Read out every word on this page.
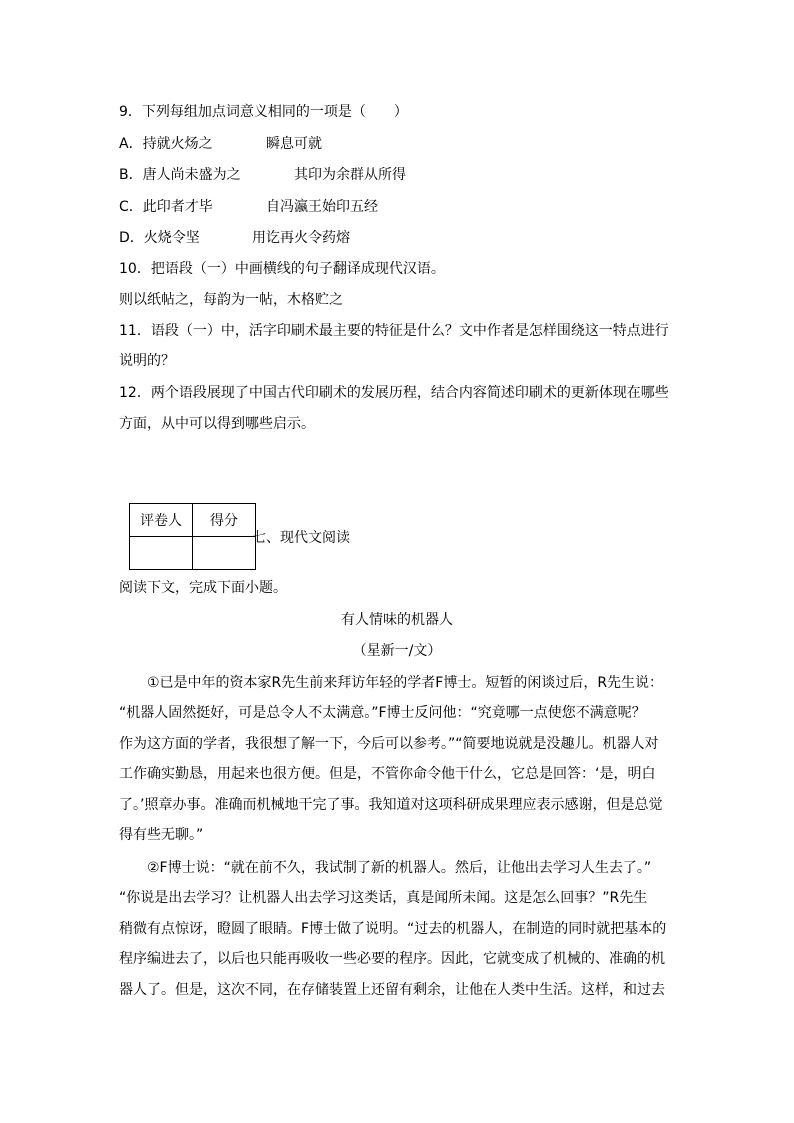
9．下列每组加点词意义相同的一项是（　　）
A．持就火炀之	瞬息可就
B．唐人尚未盛为之	其印为余群从所得
C．此印者才毕	自冯瀛王始印五经
D．火烧令坚	用讫再火令药熔
10．把语段（一）中画横线的句子翻译成现代汉语。
则以纸帖之，每韵为一帖，木格贮之
11．语段（一）中，活字印刷术最主要的特征是什么？文中作者是怎样围绕这一特点进行
说明的？
12．两个语段展现了中国古代印刷术的发展历程，结合内容简述印刷术的更新体现在哪些
方面，从中可以得到哪些启示。
评卷人	得分

七、现代文阅读
阅读下文，完成下面小题。
有人情味的机器人
（星新一/文）
①已是中年的资本家R先生前来拜访年轻的学者F博士。短暂的闲谈过后，R先生说：
“机器人固然挺好，可是总令人不太满意。”F博士反问他：“究竟哪一点使您不满意呢？
作为这方面的学者，我很想了解一下，今后可以参考。”“简要地说就是没趣儿。机器人对
工作确实勤恳，用起来也很方便。但是，不管你命令他干什么，它总是回答：‘是，明白
了。’照章办事。准确而机械地干完了事。我知道对这项科研成果理应表示感谢，但是总觉
得有些无聊。”
②F博士说：“就在前不久，我试制了新的机器人。然后，让他出去学习人生去了。”
“你说是出去学习？让机器人出去学习这类话，真是闻所未闻。这是怎么回事？”R先生
稍微有点惊讶，瞪圆了眼睛。F博士做了说明。“过去的机器人，在制造的同时就把基本的
程序编进去了，以后也只能再吸收一些必要的程序。因此，它就变成了机械的、准确的机
器人了。但是，这次不同，在存储装置上还留有剩余，让他在人类中生活。这样，和过去
